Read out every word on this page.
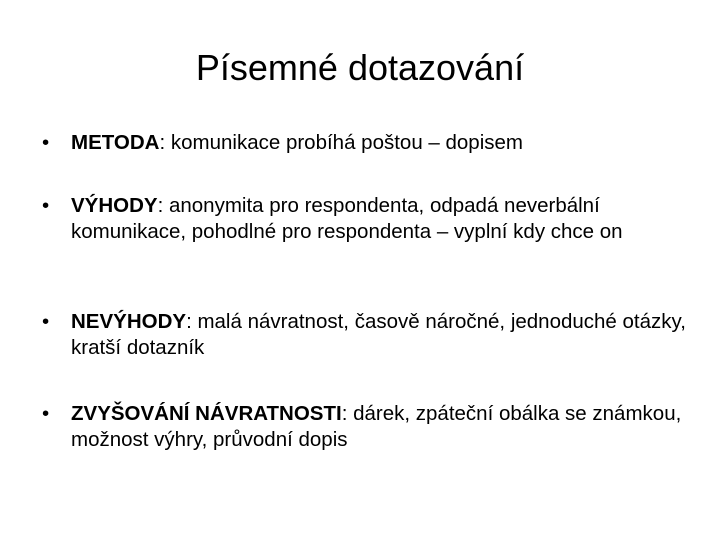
Písemné dotazování
• METODA: komunikace probíhá poštou – dopisem
• VÝHODY: anonymita pro respondenta, odpadá neverbální komunikace, pohodlné pro respondenta – vyplní kdy chce on
• NEVÝHODY: malá návratnost, časově náročné, jednoduché otázky, kratší dotazník
• ZVYŠOVÁNÍ NÁVRATNOSTI: dárek, zpáteční obálka se známkou, možnost výhry, průvodní dopis
